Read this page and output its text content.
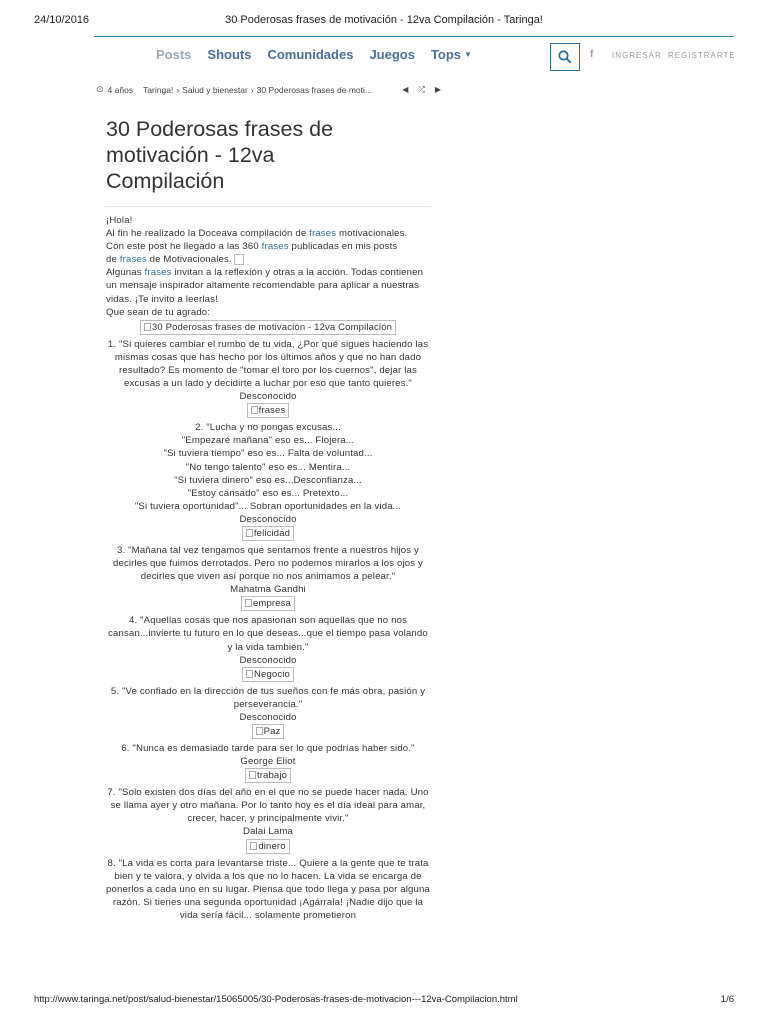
24/10/2016	30 Poderosas frases de motivación - 12va Compilación - Taringa!
Posts Shouts Comunidades Juegos Tops ▼	f INGRESAR REGISTRARTE
⊙ 4 años Taringa! › Salud y bienestar › 30 Poderosas frases de moti...	◀ ⤮ ▶
30 Poderosas frases de motivación - 12va Compilación

¡Hola!

Al fin he realizado la Doceava compilación de frases motivacionales.

Con este post he llegado a las 360 frases publicadas en mis posts

de frases de Motivacionales.

Algunas frases invitan a la reflexión y otras a la acción. Todas contienen un mensaje inspirador altamente recomendable para aplicar a nuestras vidas. ¡Te invito a leerlas!

Que sean de tu agrado:

30 Poderosas frases de motivación - 12va Compilación

1. "Si quieres cambiar el rumbo de tu vida, ¿Por qué sigues haciendo las mismas cosas que has hecho por los últimos años y que no han dado resultado? Es momento de "tomar el toro por los cuernos", dejar las excusas a un lado y decidirte a luchar por eso que tanto quieres."

Desconocido

frases

2. "Lucha y no pongas excusas...

"Empezaré mañana" eso es... Flojera...

"Si tuviera tiempo" eso es... Falta de voluntad...

"No tengo talento" eso es... Mentira...

"Si tuviera dinero" eso es...Desconfianza...

"Estoy cansado" eso es... Pretexto...

"Si tuviera oportunidad"... Sobran oportunidades en la vida...

Desconocido

felicidad

3. "Mañana tal vez tengamos que sentarnos frente a nuestros hijos y decirles que fuimos derrotados. Pero no podemos mirarlos a los ojos y decirles que viven así porque no nos animamos a pelear."

Mahatma Gandhi

empresa

4. "Aquellas cosas que nos apasionan son aquellas que no nos cansan...invierte tu futuro en lo que deseas...que el tiempo pasa volando y la vida también."

Desconocido

Negocio

5. "Ve confiado en la dirección de tus sueños con fe más obra, pasión y perseverancia."

Desconocido

Paz

6. "Nunca es demasiado tarde para ser lo que podrías haber sido."

George Eliot

trabajo

7. "Solo existen dos días del año en el que no se puede hacer nada. Uno se llama ayer y otro mañana. Por lo tanto hoy es el día ideal para amar, crecer, hacer, y principalmente vivir."

Dalai Lama

dinero

8. "La vida es corta para levantarse triste... Quiere a la gente que te trata bien y te valora, y olvida a los que no lo hacen. La vida se encarga de ponerlos a cada uno en su lugar. Piensa que todo llega y pasa por alguna razón. Si tienes una segunda oportunidad ¡Agárrala! ¡Nadie dijo que la vida sería fácil... solamente prometieron

http://www.taringa.net/post/salud-bienestar/15065005/30-Poderosas-frases-de-motivacion---12va-Compilacion.html	1/6
